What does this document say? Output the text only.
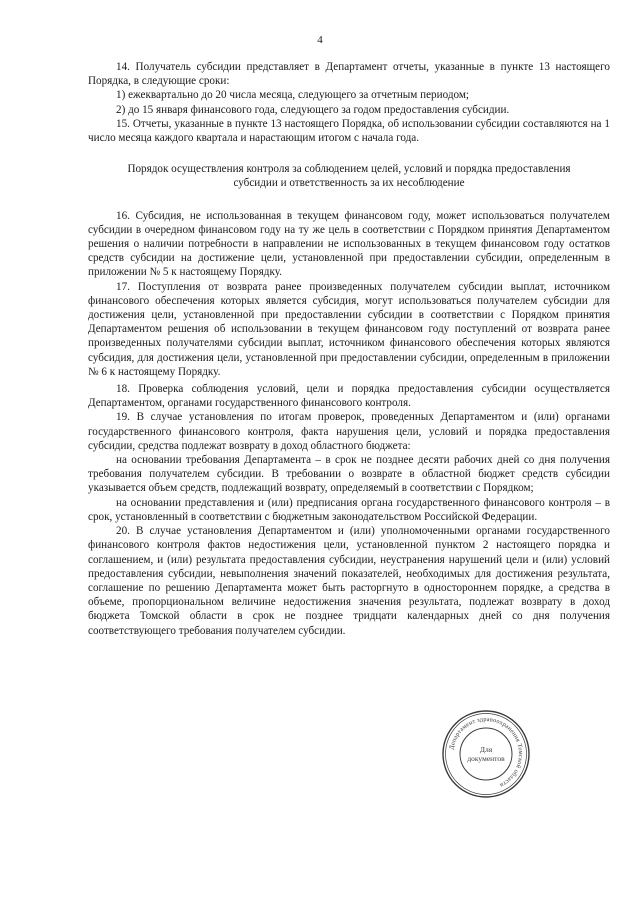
4

14. Получатель субсидии представляет в Департамент отчеты, указанные в пункте 13 настоящего Порядка, в следующие сроки:

1) ежеквартально до 20 числа месяца, следующего за отчетным периодом;

2) до 15 января финансового года, следующего за годом предоставления субсидии.

15. Отчеты, указанные в пункте 13 настоящего Порядка, об использовании субсидии составляются на 1 число месяца каждого квартала и нарастающим итогом с начала года.

Порядок осуществления контроля за соблюдением целей, условий и порядка предоставления субсидии и ответственность за их несоблюдение

16. Субсидия, не использованная в текущем финансовом году, может использоваться получателем субсидии в очередном финансовом году на ту же цель в соответствии с Порядком принятия Департаментом решения о наличии потребности в направлении не использованных в текущем финансовом году остатков средств субсидии на достижение цели, установленной при предоставлении субсидии, определенным в приложении № 5 к настоящему Порядку.

17. Поступления от возврата ранее произведенных получателем субсидии выплат, источником финансового обеспечения которых является субсидия, могут использоваться получателем субсидии для достижения цели, установленной при предоставлении субсидии в соответствии с Порядком принятия Департаментом решения об использовании в текущем финансовом году поступлений от возврата ранее произведенных получателями субсидии выплат, источником финансового обеспечения которых являются субсидия, для достижения цели, установленной при предоставлении субсидии, определенным в приложении № 6 к настоящему Порядку.

18. Проверка соблюдения условий, цели и порядка предоставления субсидии осуществляется Департаментом, органами государственного финансового контроля.

19. В случае установления по итогам проверок, проведенных Департаментом и (или) органами государственного финансового контроля, факта нарушения цели, условий и порядка предоставления субсидии, средства подлежат возврату в доход областного бюджета:

на основании требования Департамента – в срок не позднее десяти рабочих дней со дня получения требования получателем субсидии. В требовании о возврате в областной бюджет средств субсидии указывается объем средств, подлежащий возврату, определяемый в соответствии с Порядком;

на основании представления и (или) предписания органа государственного финансового контроля – в срок, установленный в соответствии с бюджетным законодательством Российской Федерации.

20. В случае установления Департаментом и (или) уполномоченными органами государственного финансового контроля фактов недостижения цели, установленной пунктом 2 настоящего порядка и соглашением, и (или) результата предоставления субсидии, неустранения нарушений цели и (или) условий предоставления субсидии, невыполнения значений показателей, необходимых для достижения результата, соглашение по решению Департамента может быть расторгнуто в одностороннем порядке, а средства в объеме, пропорциональном величине недостижения значения результата, подлежат возврату в доход бюджета Томской области в срок не позднее тридцати календарных дней со дня получения соответствующего требования получателем субсидии.

Департамент здравоохранения Томской области
Для
документов
